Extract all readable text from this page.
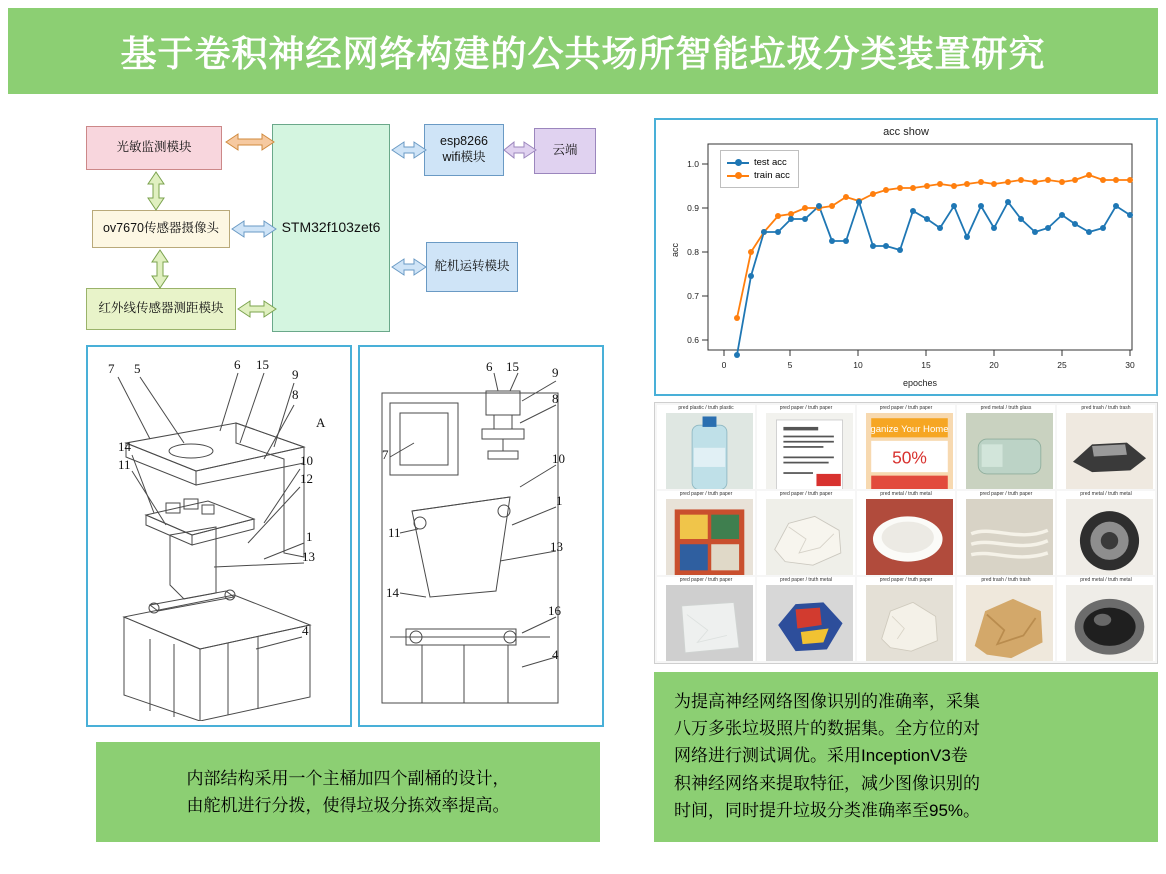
基于卷积神经网络构建的公共场所智能垃圾分类装置研究
光敏监测模块
ov7670传感器摄像头
红外线传感器测距模块
STM32f103zet6
esp8266
wifi模块	云端
舵机运转模块
7 5	6 15
9
8
14
11	10
12
A
1
13
4
6 15	9
8
7	10
1
11
13
14
16
4

内部结构采用一个主桶加四个副桶的设计，

由舵机进行分拨，使得垃圾分拣效率提高。

acc show
0.6
0.7
0.8
0.9
1.0
0	5	10	15	20	25	30
epoches
acc
test acc
train acc
pred plastic / truth plastic	pred paper / truth paper	pred paper / truth paper
ganize Your Home
50%
pred metal / truth glass	pred trash / truth trash
pred paper / truth paper	pred paper / truth paper	pred metal / truth metal	pred paper / truth paper	pred metal / truth metal
pred paper / truth paper	pred paper / truth metal	pred paper / truth paper	pred trash / truth trash	pred metal / truth metal

为提高神经网络图像识别的准确率，采集

八万多张垃圾照片的数据集。全方位的对

网络进行测试调优。采用InceptionV3卷

积神经网络来提取特征，减少图像识别的

时间，同时提升垃圾分类准确率至95%。
